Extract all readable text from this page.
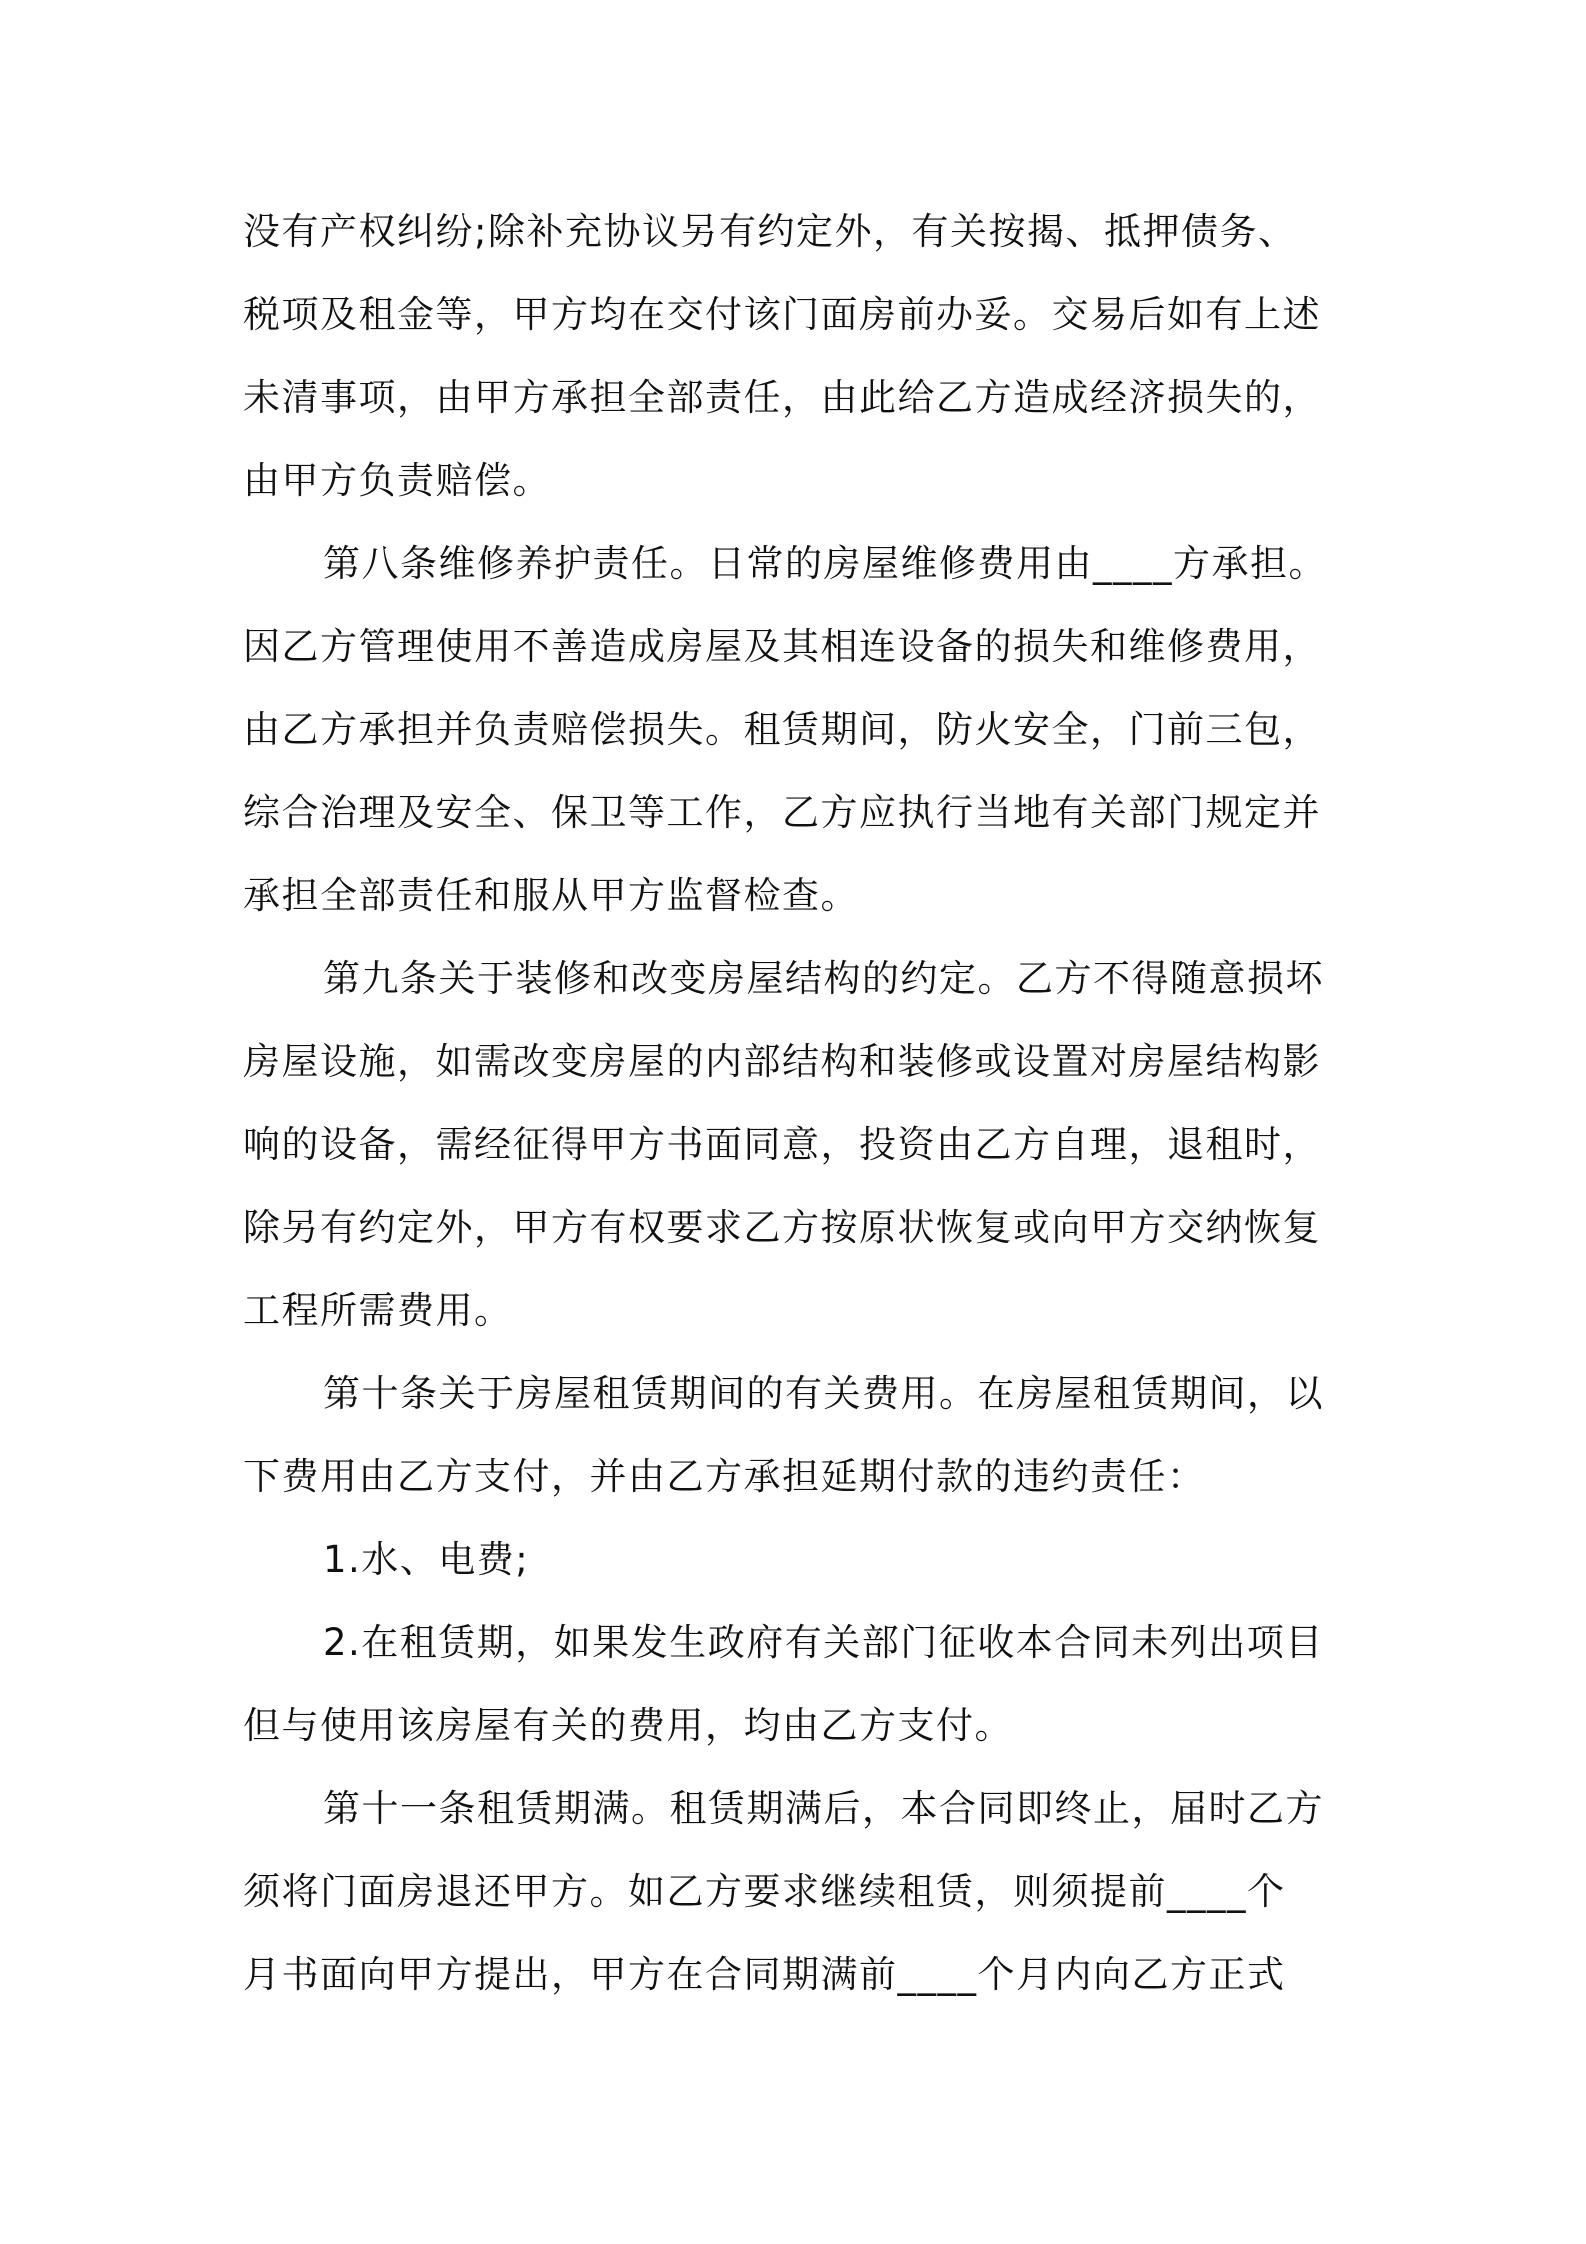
没有产权纠纷;除补充协议另有约定外，有关按揭、抵押债务、
税项及租金等，甲方均在交付该门面房前办妥。交易后如有上述
未清事项，由甲方承担全部责任，由此给乙方造成经济损失的，
由甲方负责赔偿。
第八条维修养护责任。日常的房屋维修费用由____方承担。
因乙方管理使用不善造成房屋及其相连设备的损失和维修费用，
由乙方承担并负责赔偿损失。租赁期间，防火安全，门前三包，
综合治理及安全、保卫等工作，乙方应执行当地有关部门规定并
承担全部责任和服从甲方监督检查。
第九条关于装修和改变房屋结构的约定。乙方不得随意损坏
房屋设施，如需改变房屋的内部结构和装修或设置对房屋结构影
响的设备，需经征得甲方书面同意，投资由乙方自理，退租时，
除另有约定外，甲方有权要求乙方按原状恢复或向甲方交纳恢复
工程所需费用。
第十条关于房屋租赁期间的有关费用。在房屋租赁期间，以
下费用由乙方支付，并由乙方承担延期付款的违约责任：
1.水、电费;
2.在租赁期，如果发生政府有关部门征收本合同未列出项目
但与使用该房屋有关的费用，均由乙方支付。
第十一条租赁期满。租赁期满后，本合同即终止，届时乙方
须将门面房退还甲方。如乙方要求继续租赁，则须提前____个
月书面向甲方提出，甲方在合同期满前____个月内向乙方正式
